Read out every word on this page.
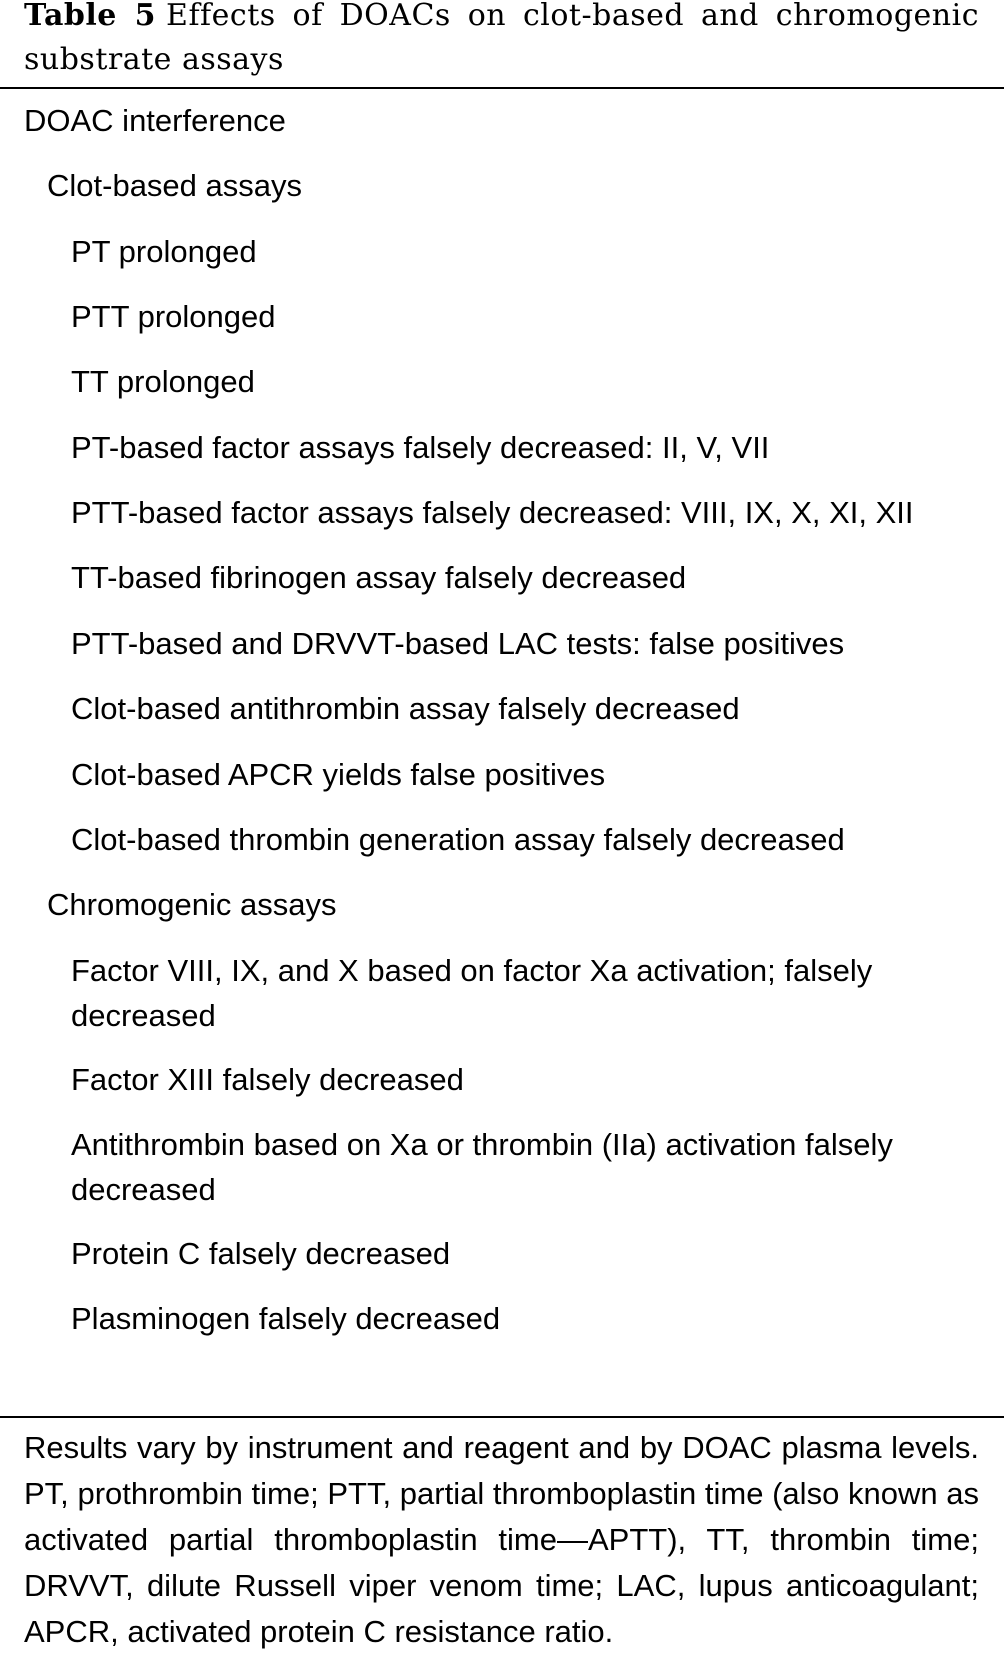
Table 5 Effects of DOACs on clot-based and chromogenic substrate assays
DOAC interference
Clot-based assays
PT prolonged
PTT prolonged
TT prolonged
PT-based factor assays falsely decreased: II, V, VII
PTT-based factor assays falsely decreased: VIII, IX, X, XI, XII
TT-based fibrinogen assay falsely decreased
PTT-based and DRVVT-based LAC tests: false positives
Clot-based antithrombin assay falsely decreased
Clot-based APCR yields false positives
Clot-based thrombin generation assay falsely decreased
Chromogenic assays
Factor VIII, IX, and X based on factor Xa activation; falsely decreased
Factor XIII falsely decreased
Antithrombin based on Xa or thrombin (IIa) activation falsely decreased
Protein C falsely decreased
Plasminogen falsely decreased
Results vary by instrument and reagent and by DOAC plasma levels. PT, prothrombin time; PTT, partial thromboplastin time (also known as activated partial thromboplastin time—APTT), TT, thrombin time; DRVVT, dilute Russell viper venom time; LAC, lupus anticoagulant; APCR, activated protein C resistance ratio.
